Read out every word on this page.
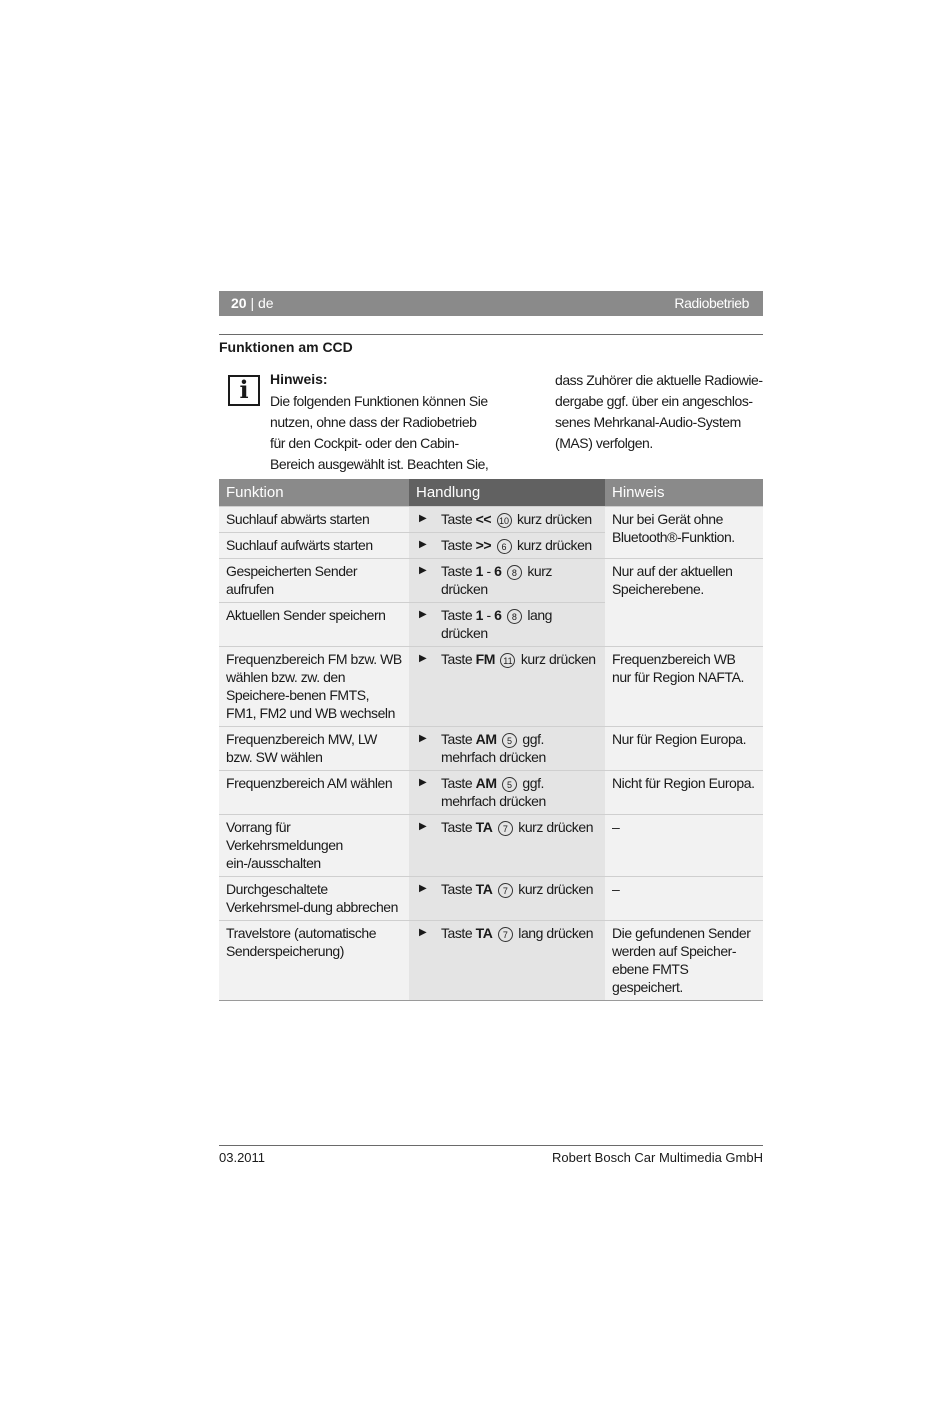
20 | de	Radiobetrieb
Funktionen am CCD
i	Hinweis:
Die folgenden Funktionen können Sie
nutzen, ohne dass der Radiobetrieb
für den Cockpit- oder den Cabin-
Bereich ausgewählt ist. Beachten Sie,
dass Zuhörer die aktuelle Radiowie-
dergabe ggf. über ein angeschlos-
senes Mehrkanal-Audio-System
(MAS) verfolgen.
Funktion	Handlung	Hinweis
Suchlauf abwärts starten	▶ Taste << 10 kurz drücken	Nur bei Gerät ohne Bluetooth®-Funktion.
Suchlauf aufwärts starten	▶ Taste >> 6 kurz drücken	

Gespeicherten Sender aufrufen	▶ Taste 1 - 6 8 kurz drücken	Nur auf der aktuellen Speicherebene.
Aktuellen Sender speichern	▶ Taste 1 - 6 8 lang drücken	

Frequenzbereich FM bzw. WB wählen bzw. zw. den Speichere-benen FMTS, FM1, FM2 und WB wechseln	▶ Taste FM 11 kurz drücken	Frequenzbereich WB nur für Region NAFTA.
Frequenzbereich MW, LW bzw. SW wählen	▶ Taste AM 5 ggf. mehrfach drücken	Nur für Region Europa.
Frequenzbereich AM wählen	▶ Taste AM 5 ggf. mehrfach drücken	Nicht für Region Europa.
Vorrang für Verkehrsmeldungen ein-/ausschalten	▶ Taste TA 7 kurz drücken	–
Durchgeschaltete Verkehrsmel-dung abbrechen	▶ Taste TA 7 kurz drücken	–
Travelstore (automatische Senderspeicherung)	▶ Taste TA 7 lang drücken	Die gefundenen Sender werden auf Speicher-ebene FMTS gespeichert.
03.2011	Robert Bosch Car Multimedia GmbH
